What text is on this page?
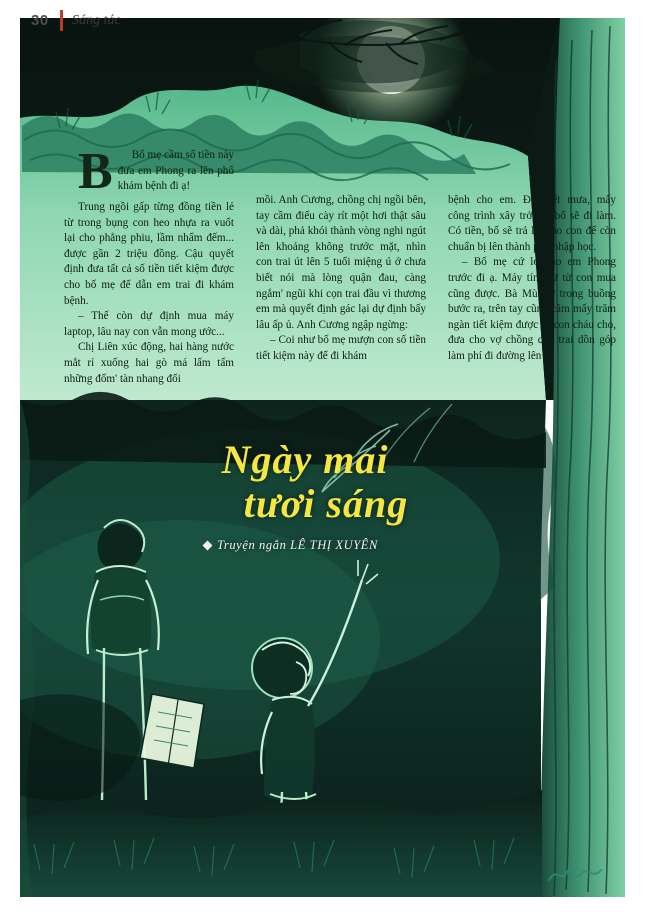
30	Sáng tác

B	Bố mẹ cầm số tiền này đưa em Phong ra lên phố khám bệnh đi ạ!

Trung ngồi gấp từng đồng tiền lẻ từ trong bụng con heo nhựa ra vuốt lại cho phẳng phiu, lầm nhẩm đếm... được gần 2 triệu đồng. Cậu quyết định đưa tất cả số tiền tiết kiệm được cho bố mẹ để dẫn em trai đi khám bệnh.

– Thế còn dự định mua máy laptop, lâu nay con vẫn mong ước...

Chị Liên xúc động, hai hàng nước mắt rỉ xuống hai gò má lấm tấm những đốm' tàn nhang đối

mồi. Anh Cương, chồng chị ngồi bên, tay cầm điếu cày rít một hơi thật sâu và dài, phả khói thành vòng nghi ngút lên khoảng không trước mặt, nhìn con trai út lên 5 tuổi miệng ú ớ chưa biết nói mà lòng quận đau, càng ngắm' ngũi khi cọn trai đầu vì thương em mà quyết định gác lại dự định bấy lâu ấp ủ. Anh Cương ngập ngừng:

– Coi như bố mẹ mượn con số tiền tiết kiệm này để đi khám

bệnh cho em. Đợi hết mưa, mấy công trình xây trở lại, bố sẽ đi làm. Có tiền, bố sẽ trả lại cho con để còn chuẩn bị lên thành phố nhập học.

– Bố mẹ cứ lo cho em Phong trước đi ạ. Máy tính từ từ con mua cũng được. Bà Mùi từ trong buồng bước ra, trên tay cũng cầm mấy trăm ngàn tiết kiệm được từ con cháu cho, đưa cho vợ chồng con trai dồn góp làm phí đi đường lên

Ngày mai
tươi sáng
Truyện ngắn LÊ THỊ XUYÊN
